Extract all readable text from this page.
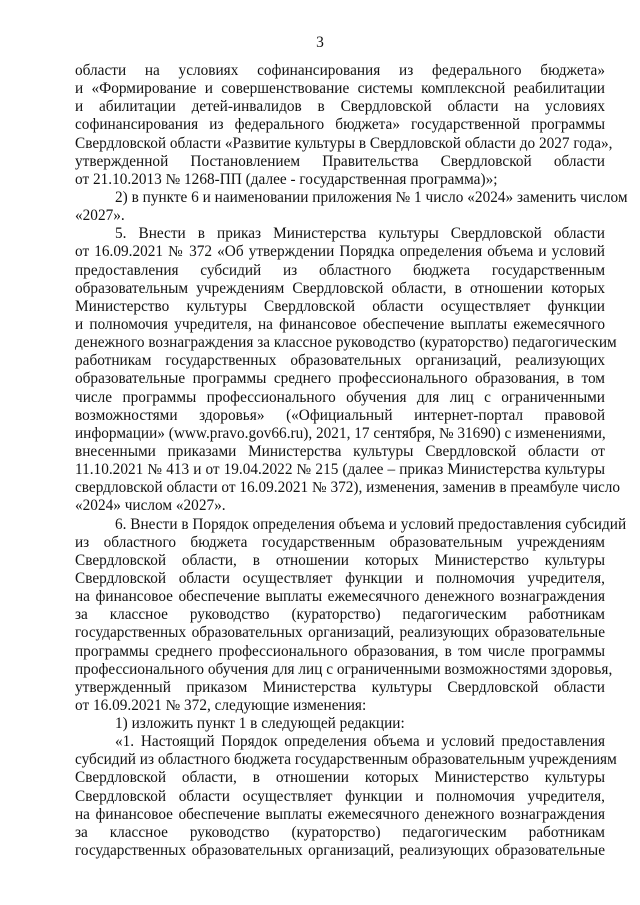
3
области на условиях софинансирования из федерального бюджета»
и «Формирование и совершенствование системы комплексной реабилитации
и абилитации детей-инвалидов в Свердловской области на условиях
софинансирования из федерального бюджета» государственной программы
Свердловской области «Развитие культуры в Свердловской области до 2027 года»,
утвержденной Постановлением Правительства Свердловской области
от 21.10.2013 № 1268-ПП (далее - государственная программа)»;
2) в пункте 6 и наименовании приложения № 1 число «2024» заменить числом
«2027».
5. Внести в приказ Министерства культуры Свердловской области
от 16.09.2021 № 372 «Об утверждении Порядка определения объема и условий
предоставления субсидий из областного бюджета государственным
образовательным учреждениям Свердловской области, в отношении которых
Министерство культуры Свердловской области осуществляет функции
и полномочия учредителя, на финансовое обеспечение выплаты ежемесячного
денежного вознаграждения за классное руководство (кураторство) педагогическим
работникам государственных образовательных организаций, реализующих
образовательные программы среднего профессионального образования, в том
числе программы профессионального обучения для лиц с ограниченными
возможностями здоровья» («Официальный интернет-портал правовой
информации» (www.pravo.gov66.ru), 2021, 17 сентября, № 31690) с изменениями,
внесенными приказами Министерства культуры Свердловской области от
11.10.2021 № 413 и от 19.04.2022 № 215 (далее – приказ Министерства культуры
свердловской области от 16.09.2021 № 372), изменения, заменив в преамбуле число
«2024» числом «2027».
6. Внести в Порядок определения объема и условий предоставления субсидий
из областного бюджета государственным образовательным учреждениям
Свердловской области, в отношении которых Министерство культуры
Свердловской области осуществляет функции и полномочия учредителя,
на финансовое обеспечение выплаты ежемесячного денежного вознаграждения
за классное руководство (кураторство) педагогическим работникам
государственных образовательных организаций, реализующих образовательные
программы среднего профессионального образования, в том числе программы
профессионального обучения для лиц с ограниченными возможностями здоровья,
утвержденный приказом Министерства культуры Свердловской области
от 16.09.2021 № 372, следующие изменения:
1) изложить пункт 1 в следующей редакции:
«1. Настоящий Порядок определения объема и условий предоставления
субсидий из областного бюджета государственным образовательным учреждениям
Свердловской области, в отношении которых Министерство культуры
Свердловской области осуществляет функции и полномочия учредителя,
на финансовое обеспечение выплаты ежемесячного денежного вознаграждения
за классное руководство (кураторство) педагогическим работникам
государственных образовательных организаций, реализующих образовательные
